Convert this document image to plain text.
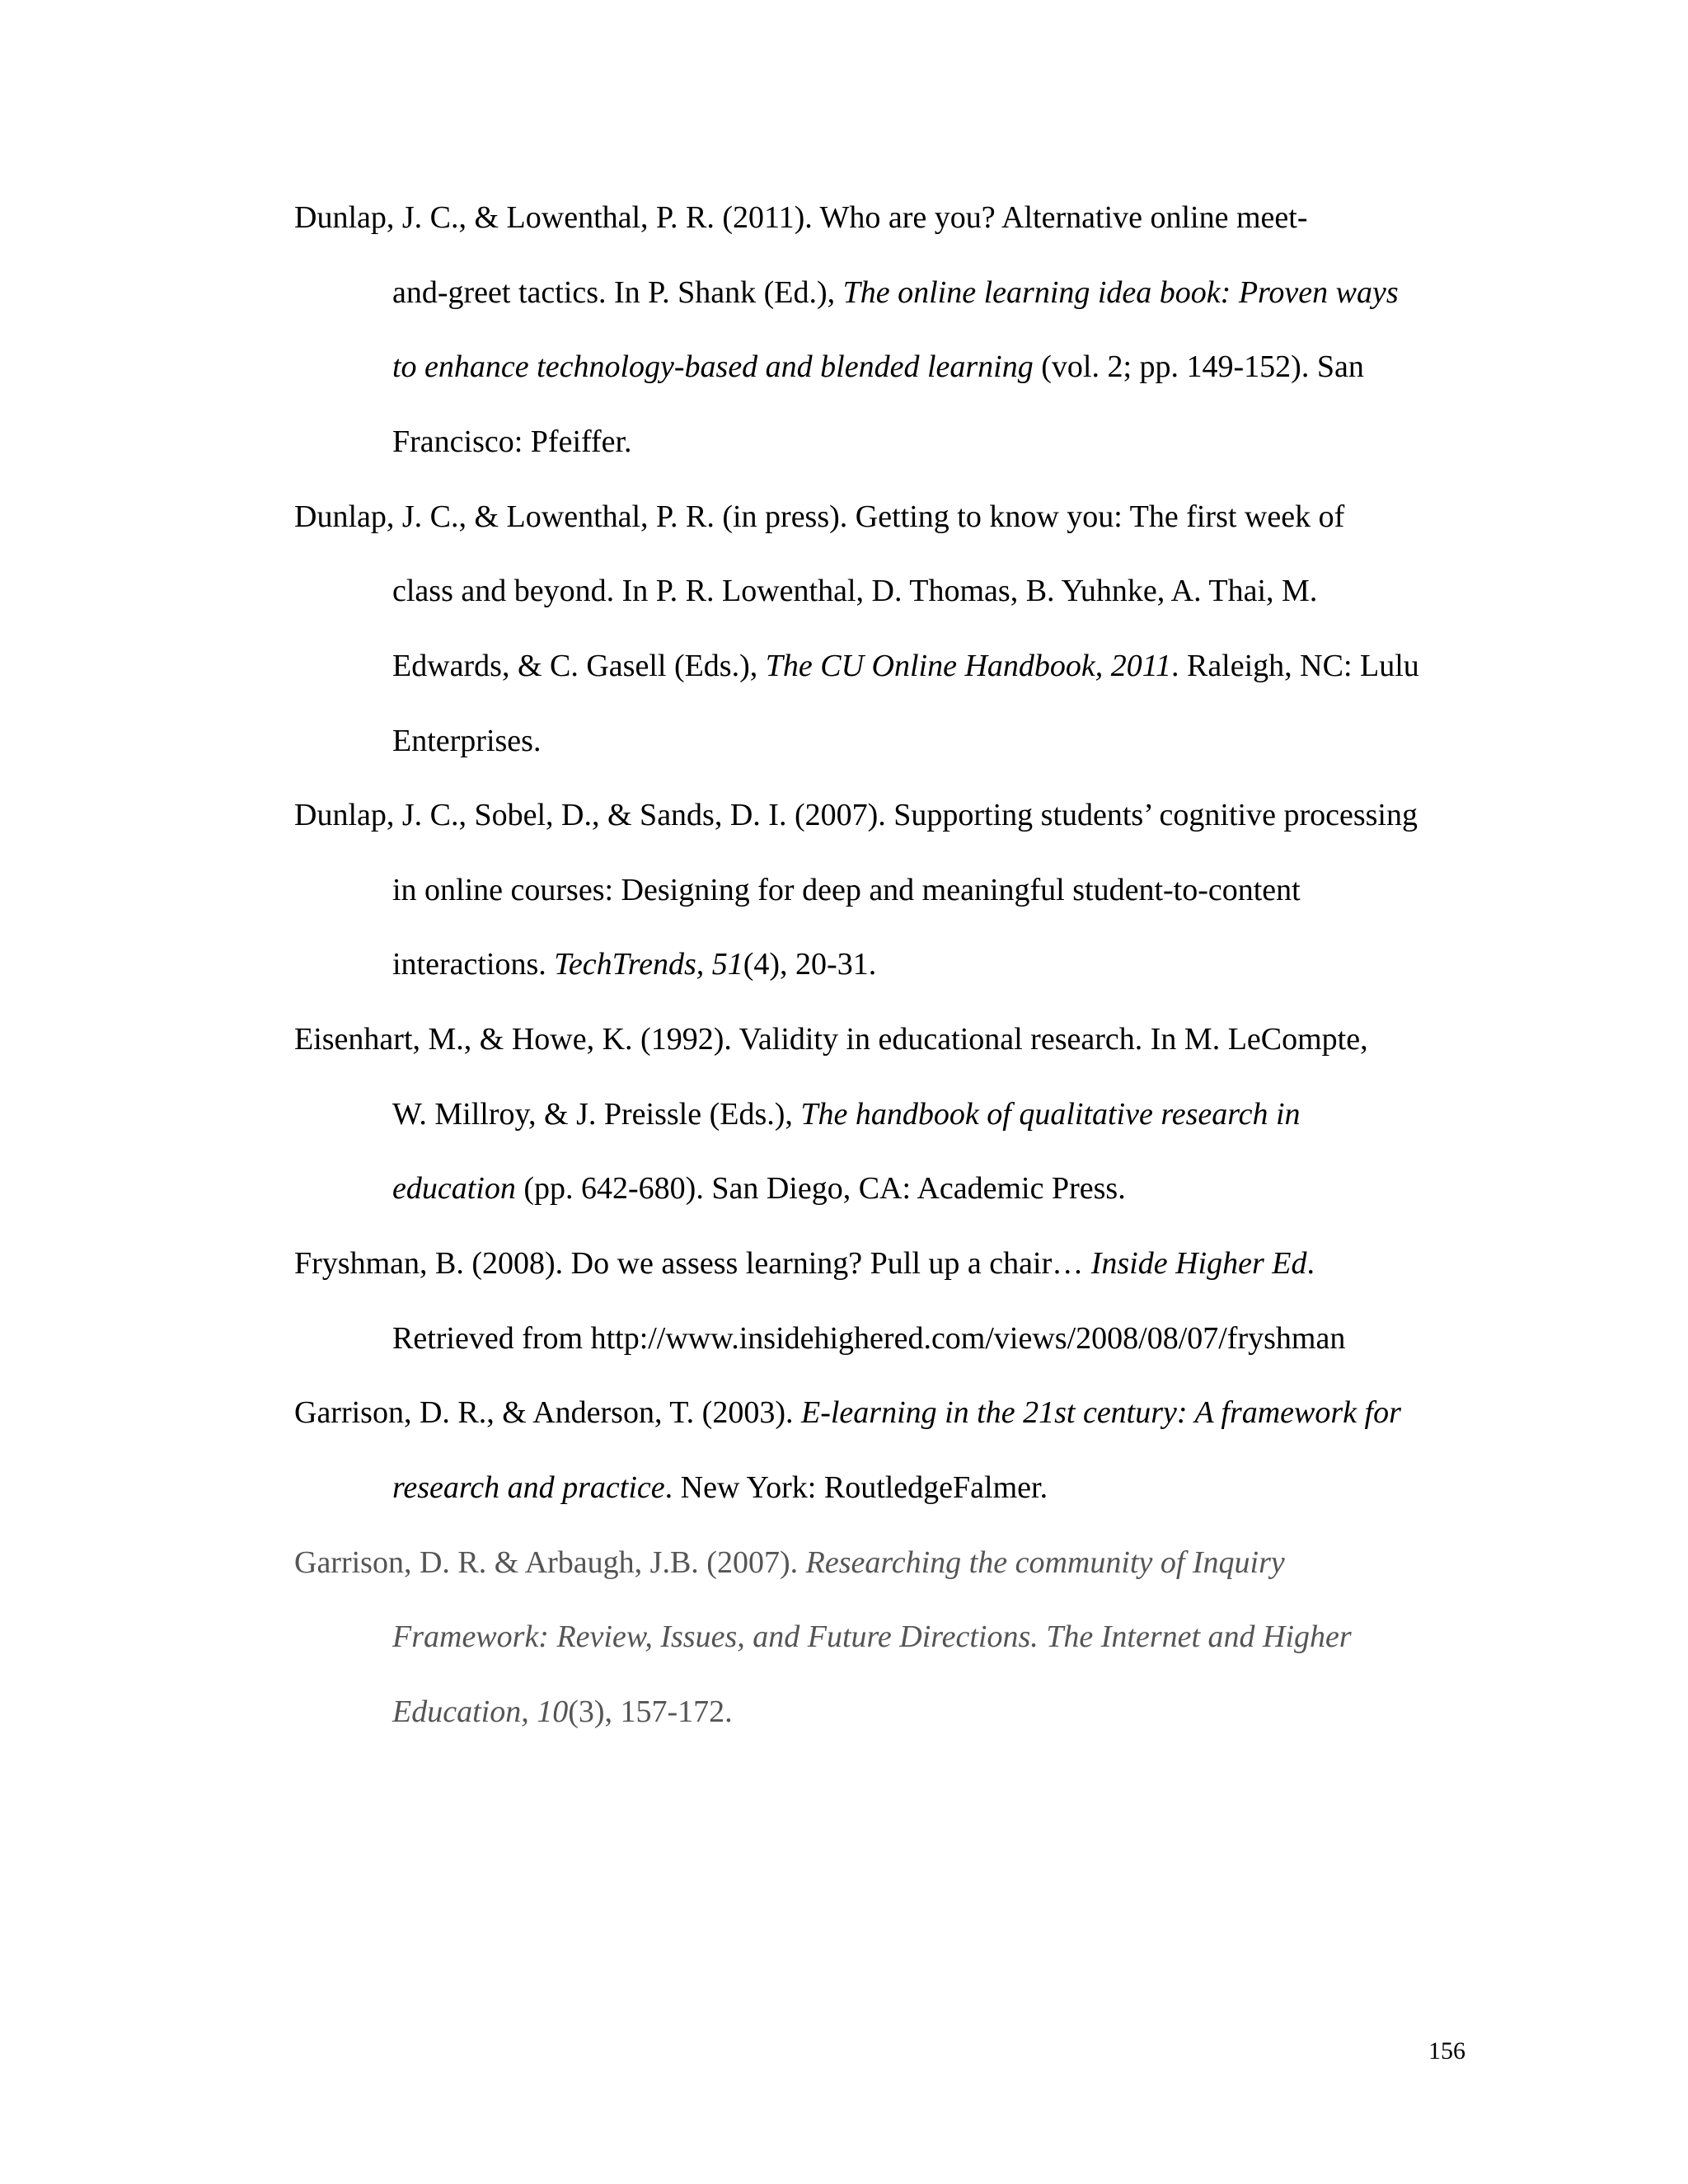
Dunlap, J. C., & Lowenthal, P. R. (2011). Who are you? Alternative online meet-
and-greet tactics. In P. Shank (Ed.), The online learning idea book: Proven ways
to enhance technology-based and blended learning (vol. 2; pp. 149-152). San
Francisco: Pfeiffer.
Dunlap, J. C., & Lowenthal, P. R. (in press). Getting to know you: The first week of
class and beyond. In P. R. Lowenthal, D. Thomas, B. Yuhnke, A. Thai, M.
Edwards, & C. Gasell (Eds.), The CU Online Handbook, 2011. Raleigh, NC: Lulu
Enterprises.
Dunlap, J. C., Sobel, D., & Sands, D. I. (2007). Supporting students’ cognitive processing
in online courses: Designing for deep and meaningful student-to-content
interactions. TechTrends, 51(4), 20-31.
Eisenhart, M., & Howe, K. (1992). Validity in educational research. In M. LeCompte,
W. Millroy, & J. Preissle (Eds.), The handbook of qualitative research in
education (pp. 642-680). San Diego, CA: Academic Press.
Fryshman, B. (2008). Do we assess learning? Pull up a chair… Inside Higher Ed.
Retrieved from http://www.insidehighered.com/views/2008/08/07/fryshman
Garrison, D. R., & Anderson, T. (2003). E-learning in the 21st century: A framework for
research and practice. New York: RoutledgeFalmer.
Garrison, D. R. & Arbaugh, J.B. (2007). Researching the community of Inquiry
Framework: Review, Issues, and Future Directions. The Internet and Higher
Education, 10(3), 157-172.
156
